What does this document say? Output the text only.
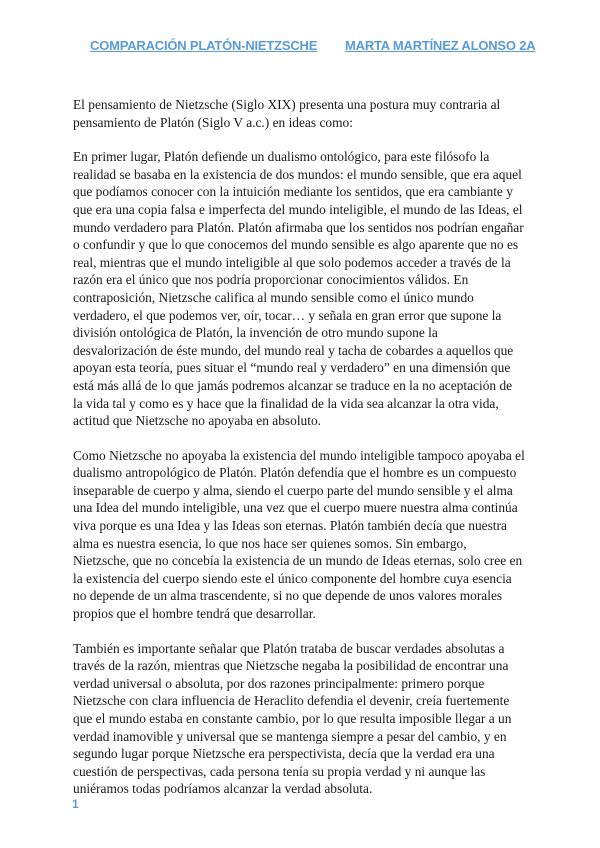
COMPARACIÓN PLATÓN-NIETZSCHE MARTA MARTÍNEZ ALONSO 2A

El pensamiento de Nietzsche (Siglo XIX) presenta una postura muy contraria al pensamiento de Platón (Siglo V a.c.) en ideas como:

En primer lugar, Platón defiende un dualismo ontológico, para este filósofo la realidad se basaba en la existencia de dos mundos: el mundo sensible, que era aquel que podíamos conocer con la intuición mediante los sentidos, que era cambiante y que era una copia falsa e imperfecta del mundo inteligible, el mundo de las Ideas, el mundo verdadero para Platón. Platón afirmaba que los sentidos nos podrían engañar o confundir y que lo que conocemos del mundo sensible es algo aparente que no es real, mientras que el mundo inteligible al que solo podemos acceder a través de la razón era el único que nos podría proporcionar conocimientos válidos. En contraposición, Nietzsche califica al mundo sensible como el único mundo verdadero, el que podemos ver, oír, tocar… y señala en gran error que supone la división ontológica de Platón, la invención de otro mundo supone la desvalorización de éste mundo, del mundo real y tacha de cobardes a aquellos que apoyan esta teoría, pues situar el “mundo real y verdadero” en una dimensión que está más allá de lo que jamás podremos alcanzar se traduce en la no aceptación de la vida tal y como es y hace que la finalidad de la vida sea alcanzar la otra vida, actitud que Nietzsche no apoyaba en absoluto.

Como Nietzsche no apoyaba la existencia del mundo inteligible tampoco apoyaba el dualismo antropológico de Platón. Platón defendía que el hombre es un compuesto inseparable de cuerpo y alma, siendo el cuerpo parte del mundo sensible y el alma una Idea del mundo inteligible, una vez que el cuerpo muere nuestra alma continúa viva porque es una Idea y las Ideas son eternas. Platón también decía que nuestra alma es nuestra esencia, lo que nos hace ser quienes somos. Sin embargo, Nietzsche, que no concebía la existencia de un mundo de Ideas eternas, solo cree en la existencia del cuerpo siendo este el único componente del hombre cuya esencia no depende de un alma trascendente, si no que depende de unos valores morales propios que el hombre tendrá que desarrollar.

También es importante señalar que Platón trataba de buscar verdades absolutas a través de la razón, mientras que Nietzsche negaba la posibilidad de encontrar una verdad universal o absoluta, por dos razones principalmente: primero porque Nietzsche con clara influencia de Heraclito defendia el devenir, creía fuertemente que el mundo estaba en constante cambio, por lo que resulta imposible llegar a un verdad inamovible y universal que se mantenga siempre a pesar del cambio, y en segundo lugar porque Nietzsche era perspectivista, decía que la verdad era una cuestión de perspectivas, cada persona tenía su propia verdad y ni aunque las uniéramos todas podríamos alcanzar la verdad absoluta.

1
